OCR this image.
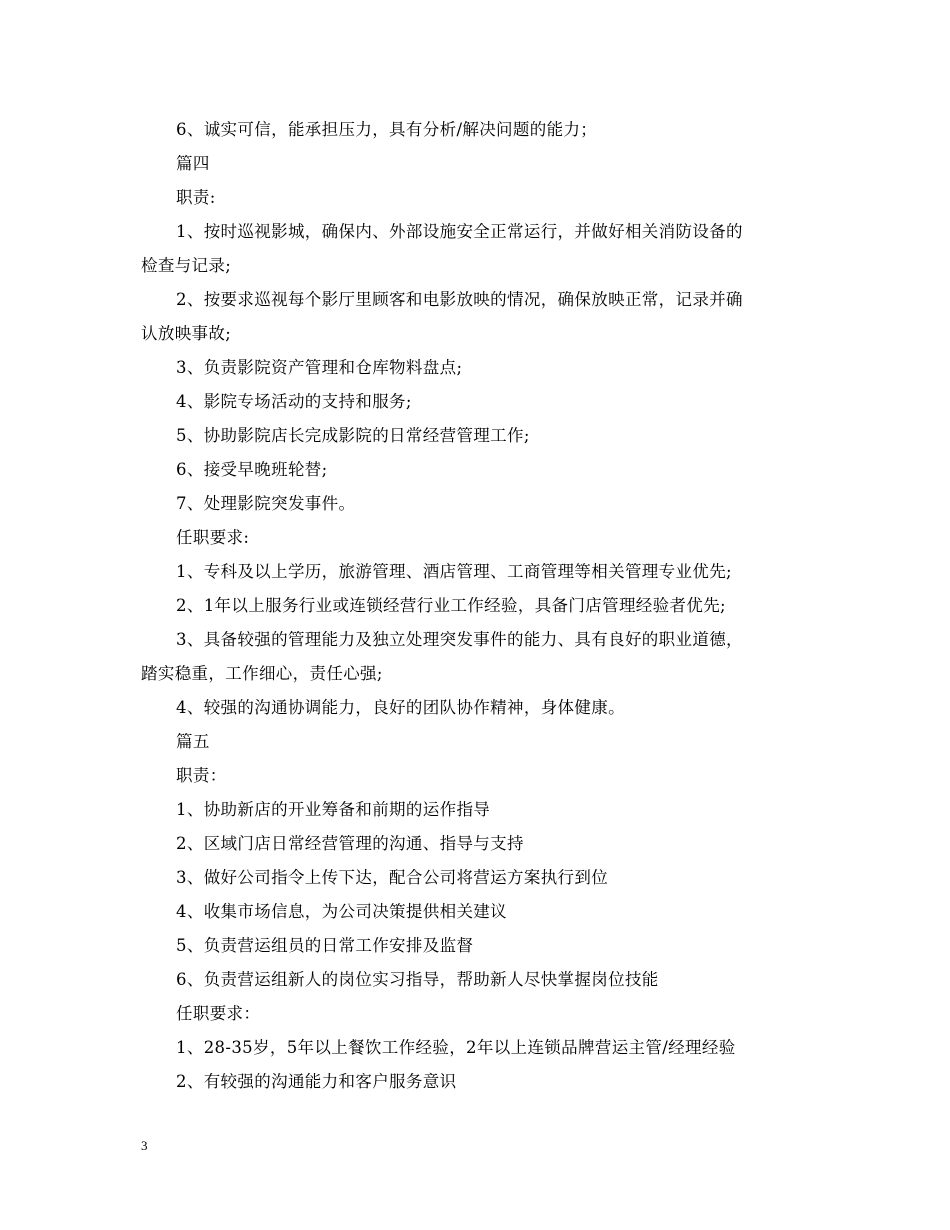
6、诚实可信，能承担压力，具有分析/解决问题的能力；
篇四
职责:
1、按时巡视影城，确保内、外部设施安全正常运行，并做好相关消防设备的
检查与记录;
2、按要求巡视每个影厅里顾客和电影放映的情况，确保放映正常，记录并确
认放映事故;
3、负责影院资产管理和仓库物料盘点;
4、影院专场活动的支持和服务;
5、协助影院店长完成影院的日常经营管理工作;
6、接受早晚班轮替;
7、处理影院突发事件。
任职要求:
1、专科及以上学历，旅游管理、酒店管理、工商管理等相关管理专业优先;
2、1年以上服务行业或连锁经营行业工作经验，具备门店管理经验者优先;
3、具备较强的管理能力及独立处理突发事件的能力、具有良好的职业道德，
踏实稳重，工作细心，责任心强;
4、较强的沟通协调能力，良好的团队协作精神，身体健康。
篇五
职责：
1、协助新店的开业筹备和前期的运作指导
2、区域门店日常经营管理的沟通、指导与支持
3、做好公司指令上传下达，配合公司将营运方案执行到位
4、收集市场信息，为公司决策提供相关建议
5、负责营运组员的日常工作安排及监督
6、负责营运组新人的岗位实习指导，帮助新人尽快掌握岗位技能
任职要求：
1、28-35岁，5年以上餐饮工作经验，2年以上连锁品牌营运主管/经理经验
2、有较强的沟通能力和客户服务意识
3
